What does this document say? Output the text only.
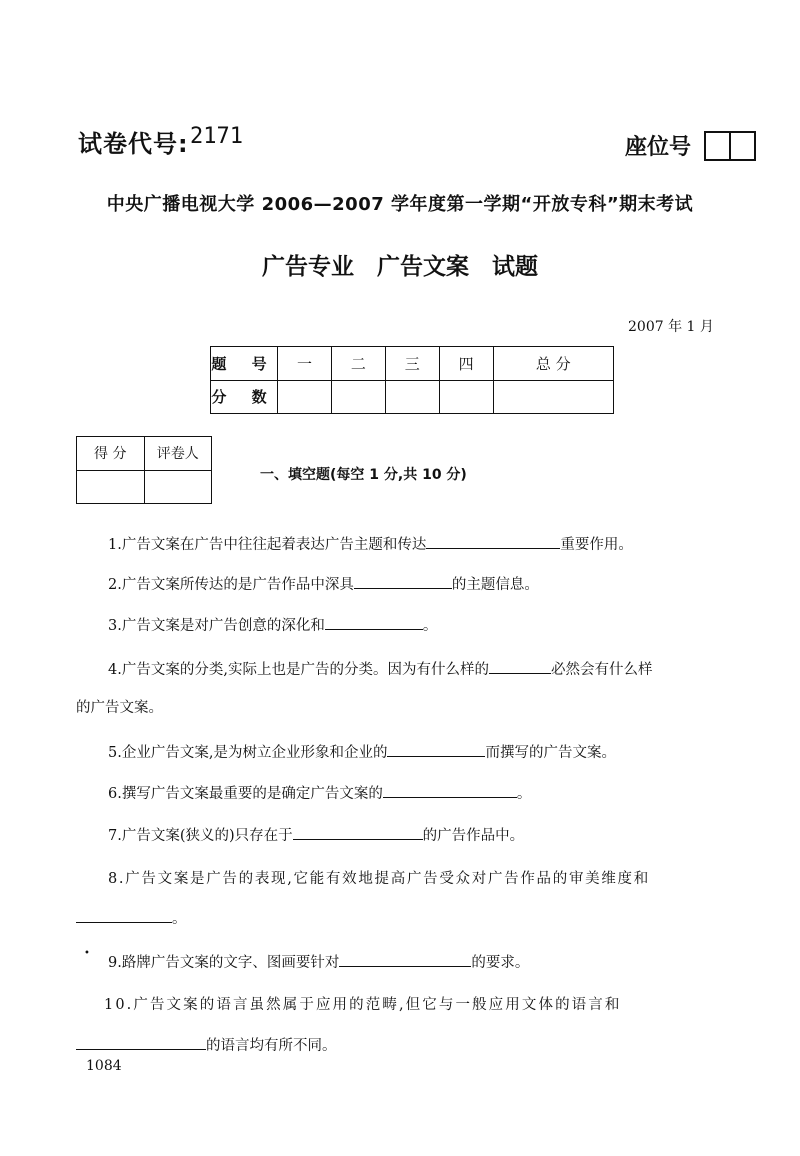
试卷代号: 2171	座位号
中央广播电视大学 2006—2007 学年度第一学期“开放专科”期末考试
广告专业　广告文案　试题
2007 年 1 月
题 号	一	二	三	四	总 分
分 数					
得 分	评卷人

一、填空题(每空 1 分,共 10 分)
1.广告文案在广告中往往起着表达广告主题和传达	重要作用。
2.广告文案所传达的是广告作品中深具	的主题信息。
3.广告文案是对广告创意的深化和	。
4.广告文案的分类,实际上也是广告的分类。因为有什么样的	必然会有什么样
的广告文案。
5.企业广告文案,是为树立企业形象和企业的	而撰写的广告文案。
6.撰写广告文案最重要的是确定广告文案的	。
7.广告文案(狭义的)只存在于	的广告作品中。
8.广告文案是广告的表现,它能有效地提高广告受众对广告作品的审美维度和
。
•
9.路牌广告文案的文字、图画要针对	的要求。
10.广告文案的语言虽然属于应用的范畴,但它与一般应用文体的语言和
的语言均有所不同。
1084
